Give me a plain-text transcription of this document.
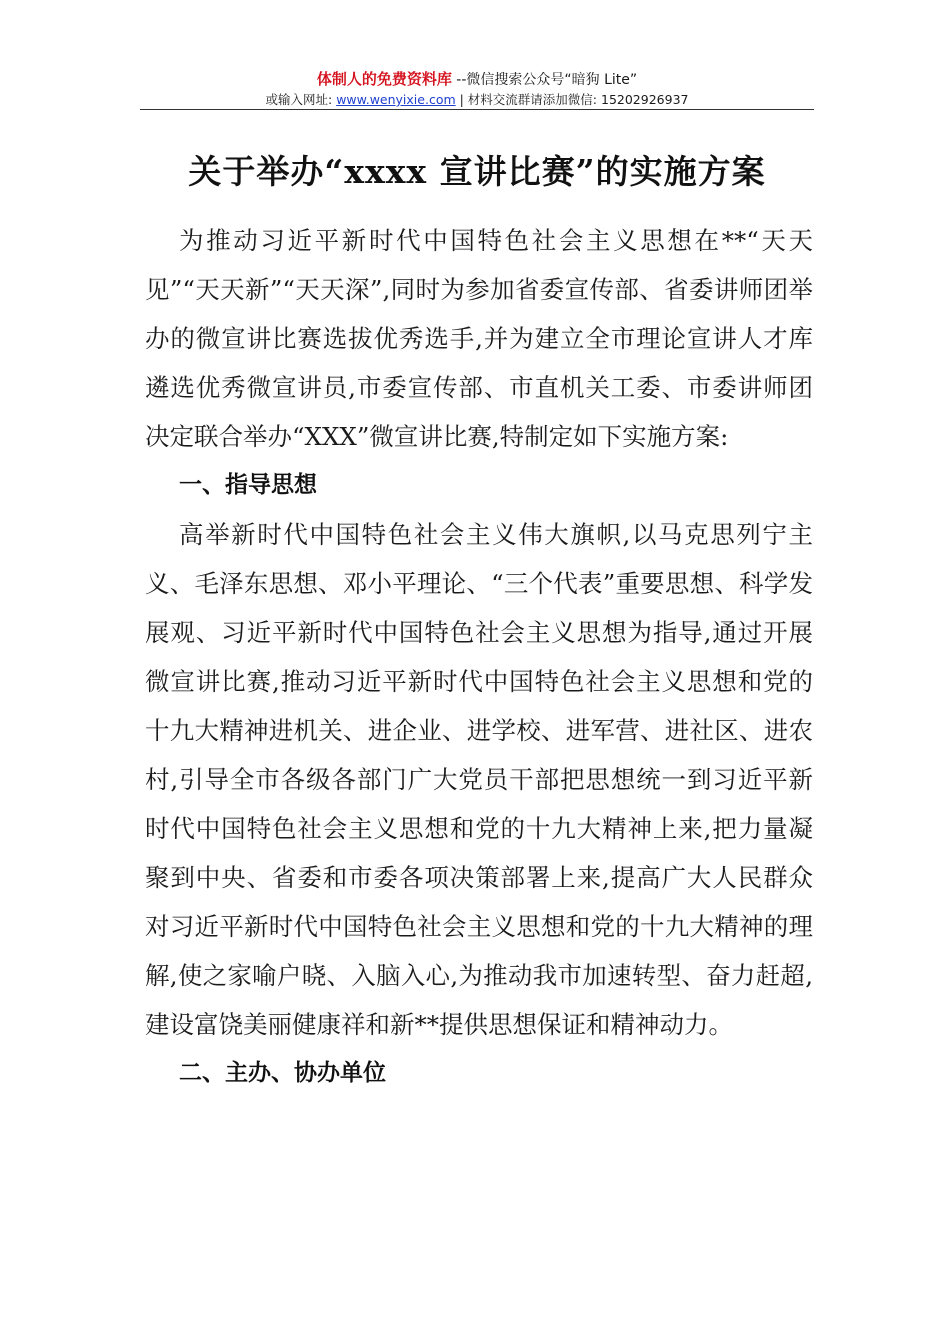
体制人的免费资料库 --微信搜索公众号“暗狗 Lite”
或输入网址: www.wenyixie.com | 材料交流群请添加微信: 15202926937
关于举办“xxxx 宣讲比赛”的实施方案

为推动习近平新时代中国特色社会主义思想在**“天天见”“天天新”“天天深”,同时为参加省委宣传部、省委讲师团举办的微宣讲比赛选拔优秀选手,并为建立全市理论宣讲人才库遴选优秀微宣讲员,市委宣传部、市直机关工委、市委讲师团决定联合举办“XXX”微宣讲比赛,特制定如下实施方案:

一、指导思想

高举新时代中国特色社会主义伟大旗帜,以马克思列宁主义、毛泽东思想、邓小平理论、“三个代表”重要思想、科学发展观、习近平新时代中国特色社会主义思想为指导,通过开展微宣讲比赛,推动习近平新时代中国特色社会主义思想和党的十九大精神进机关、进企业、进学校、进军营、进社区、进农村,引导全市各级各部门广大党员干部把思想统一到习近平新时代中国特色社会主义思想和党的十九大精神上来,把力量凝聚到中央、省委和市委各项决策部署上来,提高广大人民群众对习近平新时代中国特色社会主义思想和党的十九大精神的理解,使之家喻户晓、入脑入心,为推动我市加速转型、奋力赶超,建设富饶美丽健康祥和新**提供思想保证和精神动力。

二、主办、协办单位
